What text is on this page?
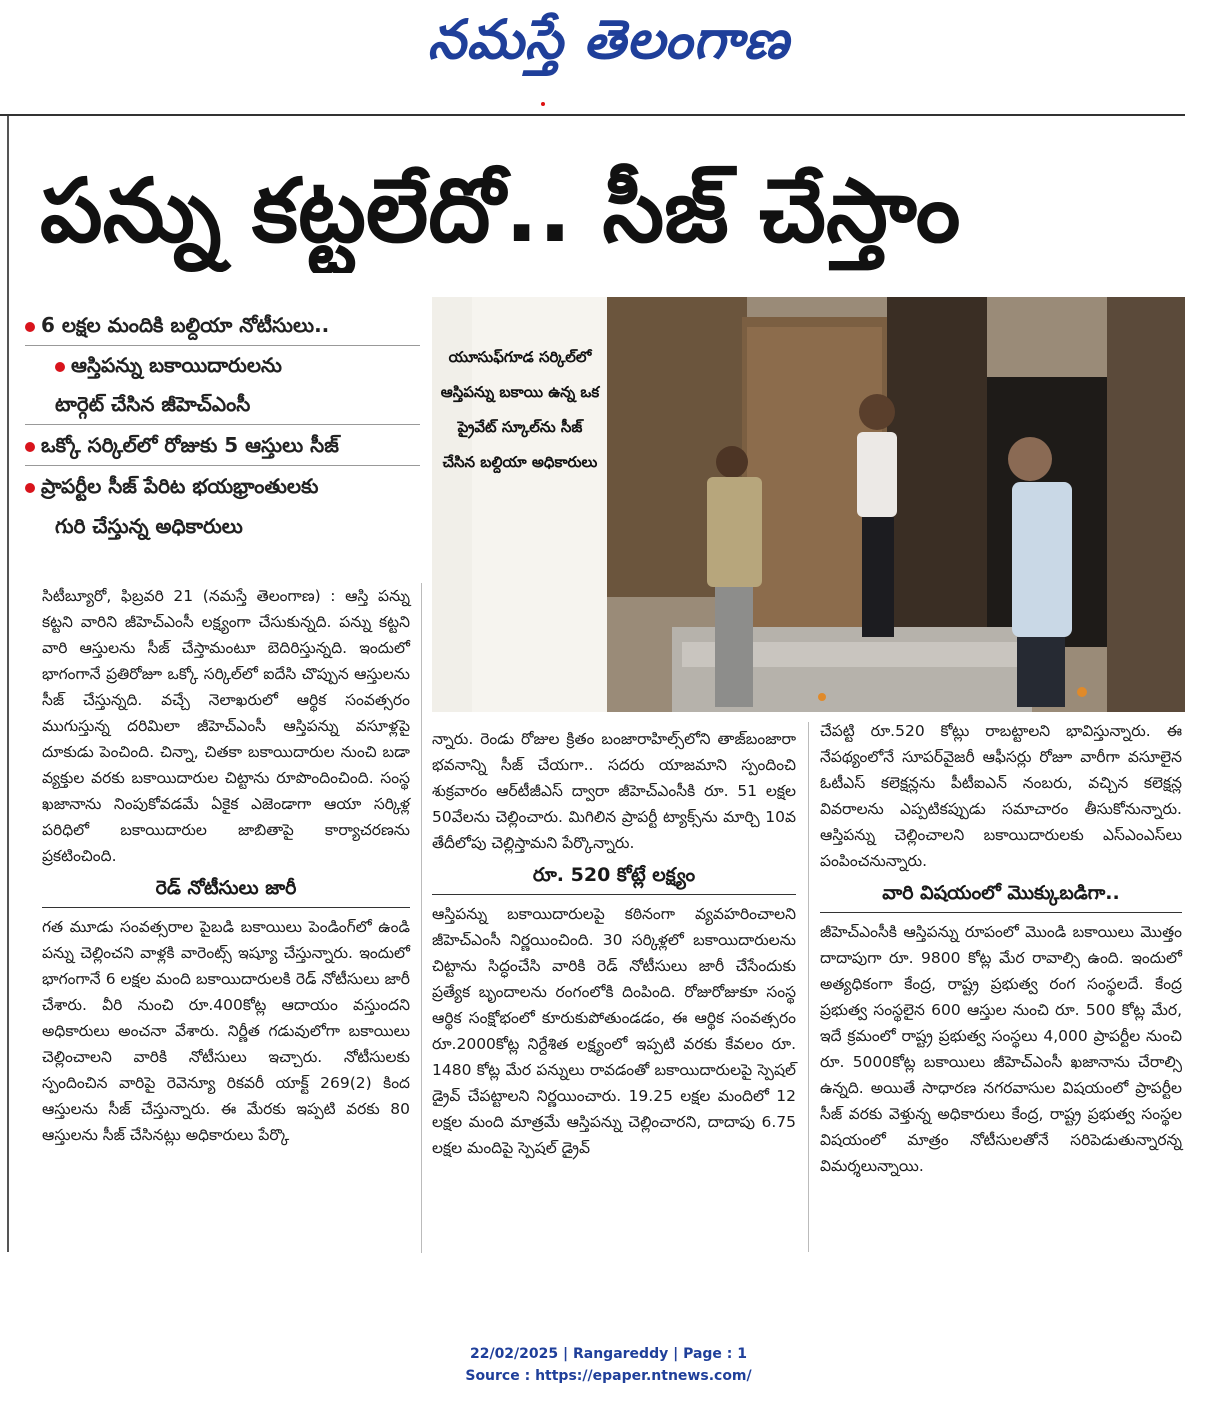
నమస్తే తెలంగాణ
పన్ను కట్టలేదో.. సీజ్ చేస్తాం
6 లక్షల మందికి బల్దియా నోటీసులు..
ఆస్తిపన్ను బకాయిదారులను
టార్గెట్ చేసిన జీహెచ్ఎంసీ
ఒక్కో సర్కిల్‌లో రోజుకు 5 ఆస్తులు సీజ్
ప్రాపర్టీల సీజ్ పేరిట భయభ్రాంతులకు
గురి చేస్తున్న అధికారులు
యూసుఫ్‌గూడ సర్కిల్‌లో ఆస్తిపన్ను బకాయి ఉన్న ఒక ప్రైవేట్ స్కూల్‌ను సీజ్ చేసిన బల్దియా అధికారులు

సిటీబ్యూరో, ఫిబ్రవరి 21 (నమస్తే తెలంగాణ) : ఆస్తి పన్ను కట్టని వారిని జీహెచ్ఎంసీ లక్ష్యంగా చేసుకున్నది. పన్ను కట్టని వారి ఆస్తులను సీజ్ చేస్తామంటూ బెదిరిస్తున్నది. ఇందులో భాగంగానే ప్రతిరోజూ ఒక్కో సర్కిల్‌లో ఐదేసి చొప్పున ఆస్తులను సీజ్ చేస్తున్నది. వచ్చే నెలాఖరులో ఆర్థిక సంవత్సరం ముగుస్తున్న దరిమిలా జీహెచ్ఎంసీ ఆస్తిపన్ను వసూళ్లపై దూకుడు పెంచింది. చిన్నా, చితకా బకాయిదారుల నుంచి బడా వ్యక్తుల వరకు బకాయిదారుల చిట్టాను రూపొందించింది. సంస్థ ఖజానాను నింపుకోవడమే ఏకైక ఎజెండాగా ఆయా సర్కిళ్ల పరిధిలో బకాయిదారుల జాబితాపై కార్యాచరణను ప్రకటించింది.

రెడ్ నోటీసులు జారీ

గత మూడు సంవత్సరాల పైబడి బకాయిలు పెండింగ్‌లో ఉండి పన్ను చెల్లించని వాళ్లకి వారెంట్స్ ఇష్యూ చేస్తున్నారు. ఇందులో భాగంగానే 6 లక్షల మంది బకాయిదారులకి రెడ్ నోటీసులు జారీ చేశారు. వీరి నుంచి రూ.400కోట్ల ఆదాయం వస్తుందని అధికారులు అంచనా వేశారు. నిర్ణీత గడువులోగా బకాయిలు చెల్లించాలని వారికి నోటీసులు ఇచ్చారు. నోటీసులకు స్పందించిన వారిపై రెవెన్యూ రికవరీ యాక్ట్ 269(2) కింద ఆస్తులను సీజ్ చేస్తున్నారు. ఈ మేరకు ఇప్పటి వరకు 80 ఆస్తులను సీజ్ చేసినట్లు అధికారులు పేర్కొ

న్నారు. రెండు రోజుల క్రితం బంజారాహిల్స్‌లోని తాజ్‌బంజారా భవనాన్ని సీజ్ చేయగా.. సదరు యాజమాని స్పందించి శుక్రవారం ఆర్‌టీజీఎస్ ద్వారా జీహెచ్ఎంసీకి రూ. 51 లక్షల 50వేలను చెల్లించారు. మిగిలిన ప్రాపర్టీ ట్యాక్స్‌ను మార్చి 10వ తేదీలోపు చెల్లిస్తామని పేర్కొన్నారు.

రూ. 520 కోట్లే లక్ష్యం

ఆస్తిపన్ను బకాయిదారులపై కఠినంగా వ్యవహరించాలని జీహెచ్ఎంసీ నిర్ణయించింది. 30 సర్కిళ్లలో బకాయిదారులను చిట్టాను సిద్ధంచేసి వారికి రెడ్ నోటీసులు జారీ చేసేందుకు ప్రత్యేక బృందాలను రంగంలోకి దింపింది. రోజురోజుకూ సంస్థ ఆర్థిక సంక్షోభంలో కూరుకుపోతుండడం, ఈ ఆర్థిక సంవత్సరం రూ.2000కోట్ల నిర్దేశిత లక్ష్యంలో ఇప్పటి వరకు కేవలం రూ. 1480 కోట్ల మేర పన్నులు రావడంతో బకాయిదారులపై స్పెషల్ డ్రైవ్ చేపట్టాలని నిర్ణయించారు. 19.25 లక్షల మందిలో 12 లక్షల మంది మాత్రమే ఆస్తిపన్ను చెల్లించారని, దాదాపు 6.75 లక్షల మందిపై స్పెషల్ డ్రైవ్

చేపట్టి రూ.520 కోట్లు రాబట్టాలని భావిస్తున్నారు. ఈ నేపథ్యంలోనే సూపర్‌వైజరీ ఆఫీసర్లు రోజూ వారీగా వసూలైన ఓటీఎస్ కలెక్షన్లను పీటీఐఎన్ నంబరు, వచ్చిన కలెక్షన్ల వివరాలను ఎప్పటికప్పుడు సమాచారం తీసుకోనున్నారు. ఆస్తిపన్ను చెల్లించాలని బకాయిదారులకు ఎస్ఎంఎస్‌లు పంపించనున్నారు.

వారి విషయంలో మొక్కుబడిగా..

జీహెచ్ఎంసీకి ఆస్తిపన్ను రూపంలో మొండి బకాయిలు మొత్తం దాదాపుగా రూ. 9800 కోట్ల మేర రావాల్సి ఉంది. ఇందులో అత్యధికంగా కేంద్ర, రాష్ట్ర ప్రభుత్వ రంగ సంస్థలదే. కేంద్ర ప్రభుత్వ సంస్థలైన 600 ఆస్తుల నుంచి రూ. 500 కోట్ల మేర, ఇదే క్రమంలో రాష్ట్ర ప్రభుత్వ సంస్థలు 4,000 ప్రాపర్టీల నుంచి రూ. 5000కోట్ల బకాయిలు జీహెచ్ఎంసీ ఖజానాను చేరాల్సి ఉన్నది. అయితే సాధారణ నగరవాసుల విషయంలో ప్రాపర్టీల సీజ్ వరకు వెళ్తున్న అధికారులు కేంద్ర, రాష్ట్ర ప్రభుత్వ సంస్థల విషయంలో మాత్రం నోటీసులతోనే సరిపెడుతున్నారన్న విమర్శలున్నాయి.

22/02/2025 | Rangareddy | Page : 1
Source : https://epaper.ntnews.com/
